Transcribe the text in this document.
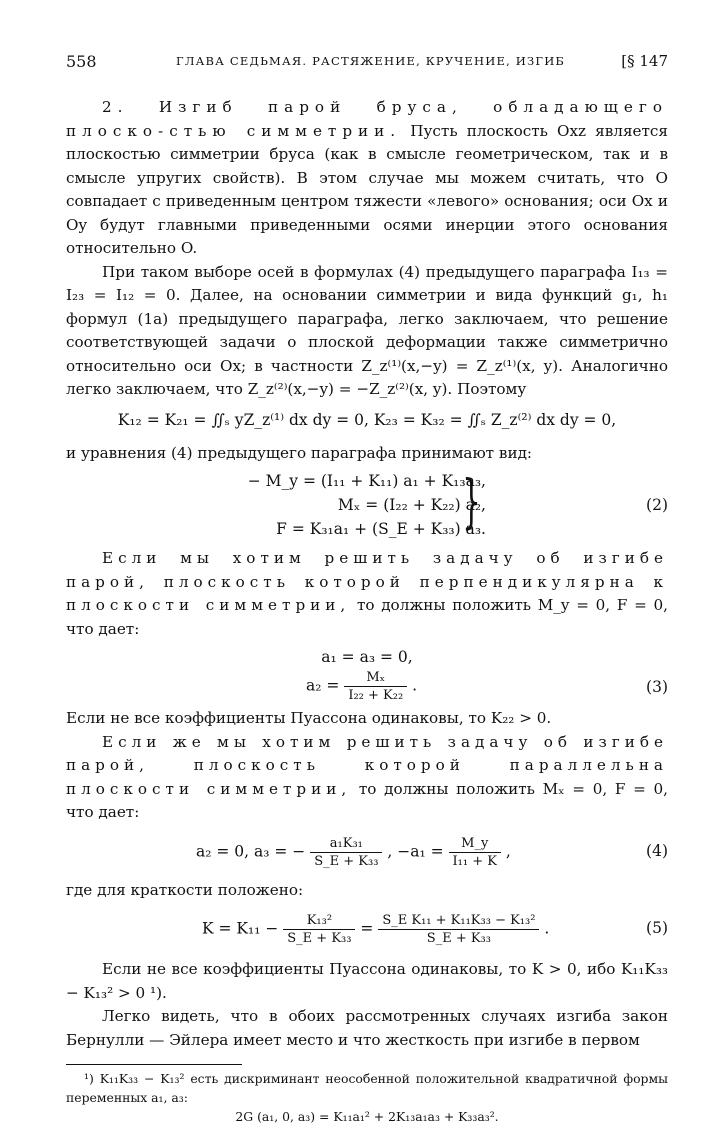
558	ГЛАВА СЕДЬМАЯ. РАСТЯЖЕНИЕ, КРУЧЕНИЕ, ИЗГИБ	[§ 147

2. Изгиб парой бруса, обладающего плоско-стью симметрии. Пусть плоскость Oxz является плоскостью симметрии бруса (как в смысле геометрическом, так и в смысле упругих свойств). В этом случае мы можем считать, что O совпадает с приведенным центром тяжести «левого» основания; оси Ox и Oy будут главными приведенными осями инерции этого основания относительно O.

При таком выборе осей в формулах (4) предыдущего параграфа I₁₃ = I₂₃ = I₁₂ = 0. Далее, на основании симметрии и вида функций g₁, h₁ формул (1а) предыдущего параграфа, легко заключаем, что решение соответствующей задачи о плоской деформации также симметрично относительно оси Ox; в частности Z_z⁽¹⁾(x,−y) = Z_z⁽¹⁾(x, y). Аналогично легко заключаем, что Z_z⁽²⁾(x,−y) = −Z_z⁽²⁾(x, y). Поэтому

K₁₂ = K₂₁ = ∬ₛ yZ_z⁽¹⁾ dx dy = 0, K₂₃ = K₃₂ = ∬ₛ Z_z⁽²⁾ dx dy = 0,

и уравнения (4) предыдущего параграфа принимают вид:

− M_y = (I₁₁ + K₁₁) a₁ + K₁₃a₃,
Mₓ = (I₂₂ + K₂₂) a₂,
F = K₃₁a₁ + (S_E + K₃₃) a₃.
}	(2)

Если мы хотим решить задачу об изгибе парой, плоскость которой перпендикулярна к плоскости симметрии, то должны положить M_y = 0, F = 0, что дает:

a₁ = a₃ = 0,
$a_2 = \frac{\text{Mₓ}}{\text{I₂₂ + K₂₂}}$ .	(3)

Если не все коэффициенты Пуассона одинаковы, то K₂₂ > 0.

Если же мы хотим решить задачу об изгибе парой, плоскость которой параллельна плоскости симметрии, то должны положить Mₓ = 0, F = 0, что дает:

a₂ = 0, a₃ = − $\frac{\text{a₁K₃₁}}{\text{S\_E + K₃₃}}$ , $-a_1 = \frac{M\_y}{\text{I₁₁ + K}}$ ,	(4)

где для краткости положено:

$K = K_{11} - \frac{\text{K₁₃²}}{\text{S\_E + K₃₃}} = \frac{\text{S\_E K₁₁ + K₁₁K₃₃ − K₁₃²}}{\text{S\_E + K₃₃}}$ .	(5)

Если не все коэффициенты Пуассона одинаковы, то K > 0, ибо K₁₁K₃₃ − K₁₃² > 0 ¹).

Легко видеть, что в обоих рассмотренных случаях изгиба закон Бернулли — Эйлера имеет место и что жесткость при изгибе в первом

¹) K₁₁K₃₃ − K₁₃² есть дискриминант неособенной положительной квадратичной формы переменных a₁, a₃:

2G (a₁, 0, a₃) = K₁₁a₁² + 2K₁₃a₁a₃ + K₃₃a₃².
